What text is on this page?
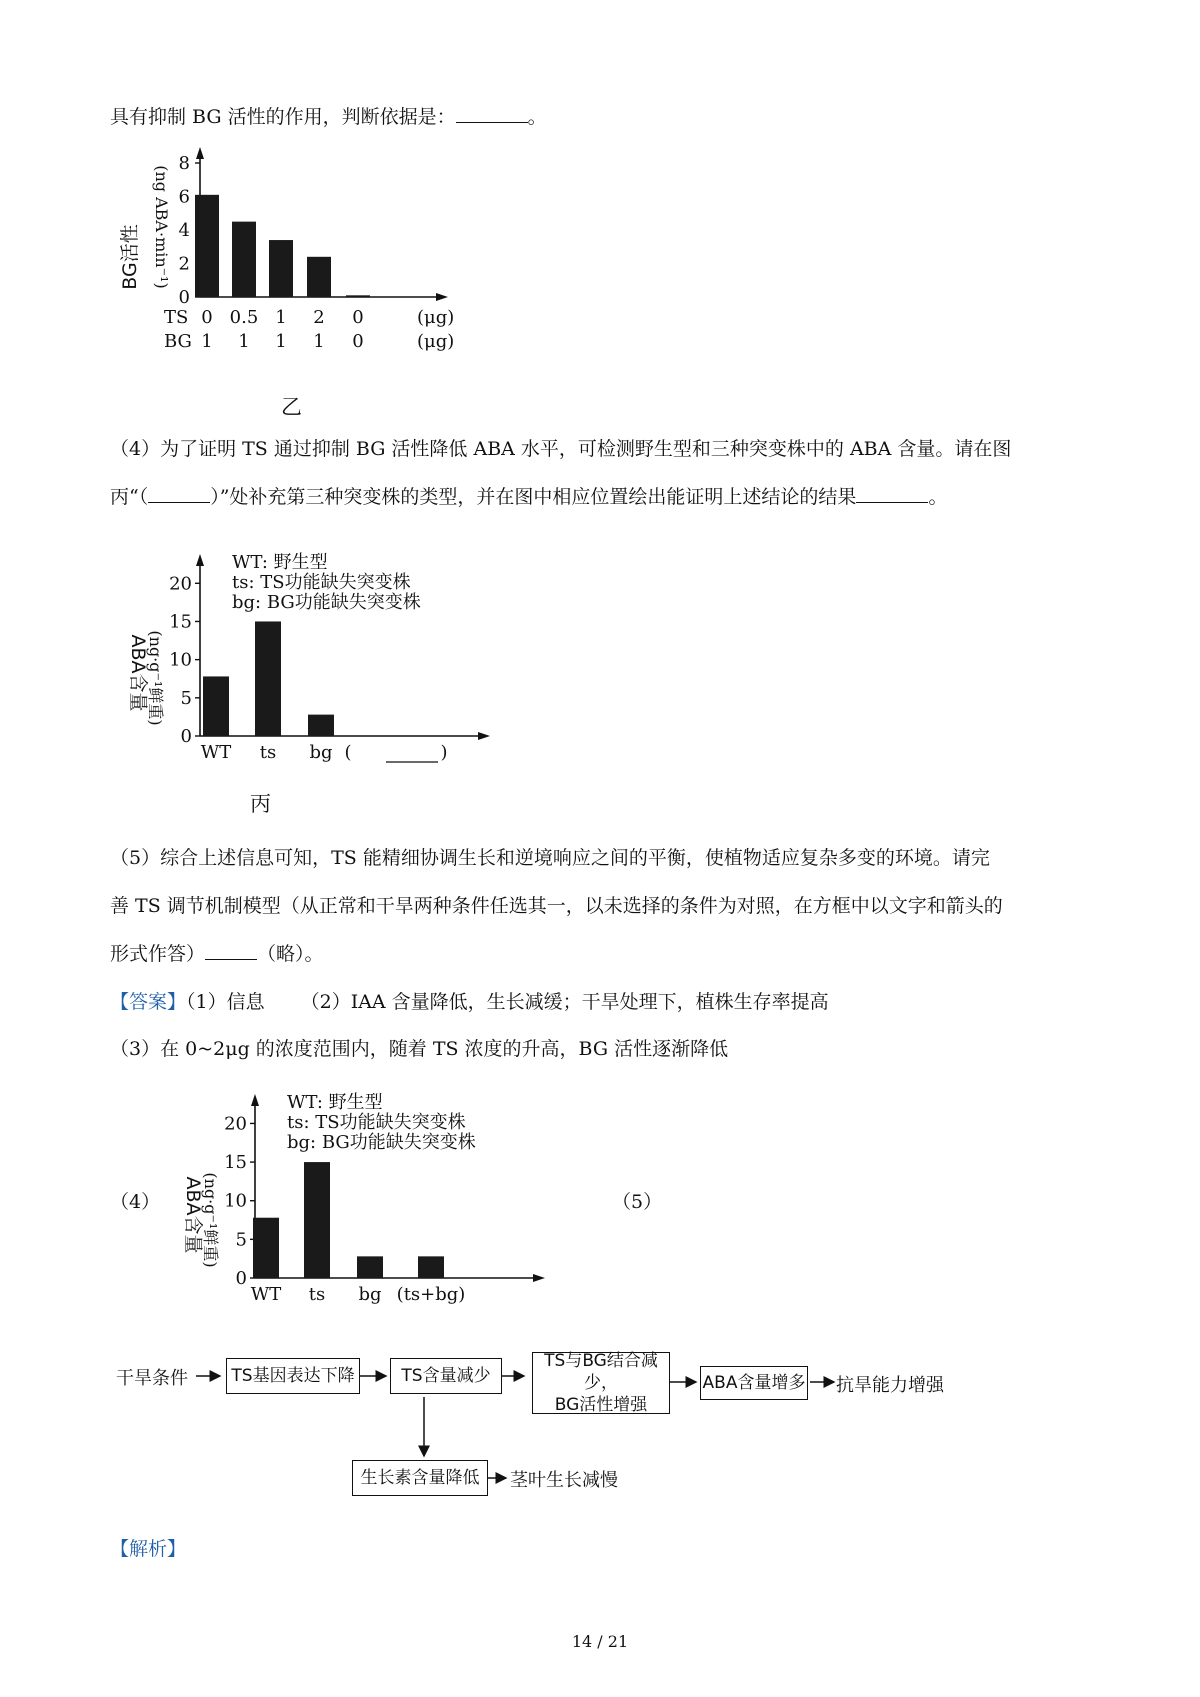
具有抑制 BG 活性的作用，判断依据是：	。
0
2
4
6
8
BG活性 (ng ABA·min⁻¹)
TS
BG
0 0.5 1 2 0
1 1 1 1 0
(μg)
(μg)
乙
（4）为了证明 TS 通过抑制 BG 活性降低 ABA 水平，可检测野生型和三种突变株中的 ABA 含量。请在图
丙“（	）”处补充第三种突变株的类型，并在图中相应位置绘出能证明上述结论的结果	。
WT: 野生型
ts: TS功能缺失突变株
bg: BG功能缺失突变株
0
5
10
15
20
ABA含量
(ng·g⁻¹鲜重)
WT ts bg (	)
丙
（5）综合上述信息可知，TS 能精细协调生长和逆境响应之间的平衡，使植物适应复杂多变的环境。请完
善 TS 调节机制模型（从正常和干旱两种条件任选其一，以未选择的条件为对照，在方框中以文字和箭头的
形式作答）	（略）。
【答案】（1）信息 （2）IAA 含量降低，生长减缓；干旱处理下，植株生存率提高
（3）在 0~2μg 的浓度范围内，随着 TS 浓度的升高，BG 活性逐渐降低
（4）	（5）
WT: 野生型
ts: TS功能缺失突变株
bg: BG功能缺失突变株
0
5
10
15
20
ABA含量
(ng·g⁻¹鲜重)
WT ts bg (ts+bg)
干旱条件	TS基因表达下降	TS含量减少
TS与BG结合减少，
BG活性增强
ABA含量增多 抗旱能力增强
生长素含量降低	茎叶生长减慢
【解析】
14 / 21
